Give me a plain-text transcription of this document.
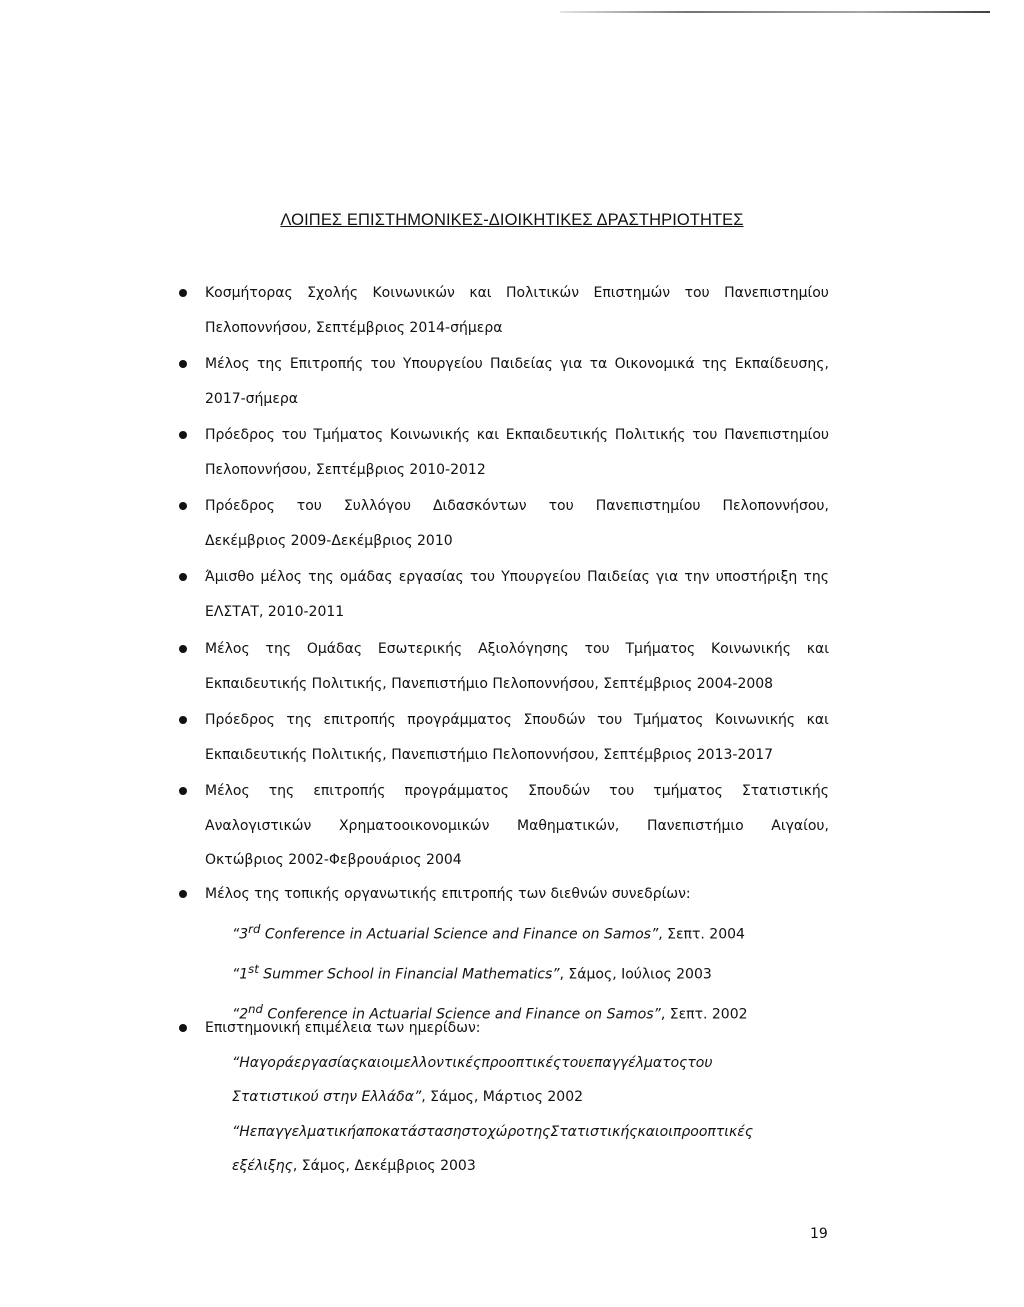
ΛΟΙΠΕΣ ΕΠΙΣΤΗΜΟΝΙΚΕΣ-ΔΙΟΙΚΗΤΙΚΕΣ ΔΡΑΣΤΗΡΙΟΤΗΤΕΣ
Κοσμήτορας Σχολής Κοινωνικών και Πολιτικών Επιστημών του Πανεπιστημίου
Πελοποννήσου, Σεπτέμβριος 2014-σήμερα
Μέλος της Επιτροπής του Υπουργείου Παιδείας για τα Οικονομικά της Εκπαίδευσης,
2017-σήμερα
Πρόεδρος του Τμήματος Κοινωνικής και Εκπαιδευτικής Πολιτικής του Πανεπιστημίου
Πελοποννήσου, Σεπτέμβριος 2010-2012
Πρόεδρος του Συλλόγου Διδασκόντων του Πανεπιστημίου Πελοποννήσου,
Δεκέμβριος 2009-Δεκέμβριος 2010
Άμισθο μέλος της ομάδας εργασίας του Υπουργείου Παιδείας για την υποστήριξη της
ΕΛΣΤΑΤ, 2010-2011
Μέλος της Ομάδας Εσωτερικής Αξιολόγησης του Τμήματος Κοινωνικής και
Εκπαιδευτικής Πολιτικής, Πανεπιστήμιο Πελοποννήσου, Σεπτέμβριος 2004-2008
Πρόεδρος της επιτροπής προγράμματος Σπουδών του Τμήματος Κοινωνικής και
Εκπαιδευτικής Πολιτικής, Πανεπιστήμιο Πελοποννήσου, Σεπτέμβριος 2013-2017
Μέλος της επιτροπής προγράμματος Σπουδών του τμήματος Στατιστικής
Αναλογιστικών Χρηματοοικονομικών Μαθηματικών, Πανεπιστήμιο Αιγαίου,
Οκτώβριος 2002-Φεβρουάριος 2004
Μέλος της τοπικής οργανωτικής επιτροπής των διεθνών συνεδρίων:
“3rd Conference in Actuarial Science and Finance on Samos”, Σεπτ. 2004
“1st Summer School in Financial Mathematics”, Σάμος, Ιούλιος 2003
“2nd Conference in Actuarial Science and Finance on Samos”, Σεπτ. 2002
Επιστημονική επιμέλεια των ημερίδων:
“Ηαγοράεργασίαςκαιοιμελλοντικέςπροοπτικέςτουεπαγγέλματοςτου
Στατιστικού στην Ελλάδα”, Σάμος, Μάρτιος 2002
“ΗεπαγγελματικήαποκατάστασηστοχώροτηςΣτατιστικήςκαιοιπροοπτικές
εξέλιξης, Σάμος, Δεκέμβριος 2003
19
